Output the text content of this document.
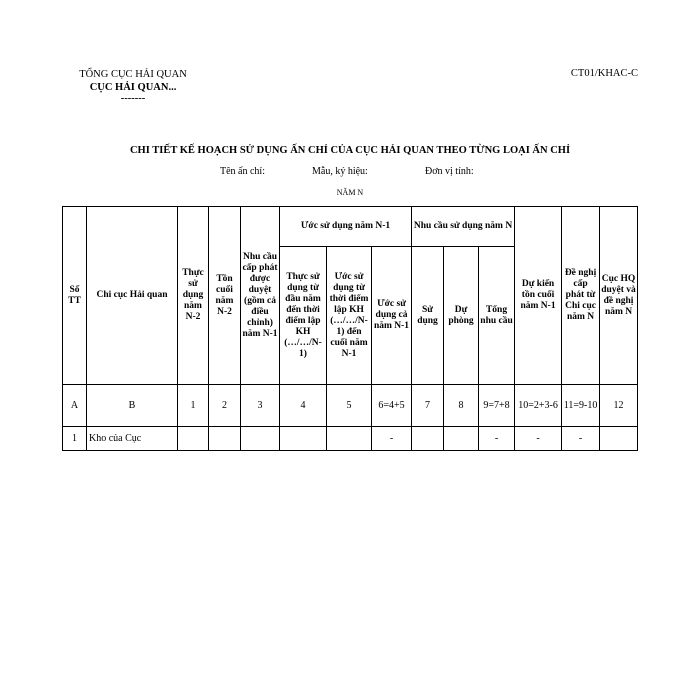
TỔNG CỤC HẢI QUAN
CỤC HẢI QUAN...
-------
CT01/KHAC-C
CHI TIẾT KẾ HOẠCH SỬ DỤNG ẤN CHỈ CỦA CỤC HẢI QUAN THEO TỪNG LOẠI ẤN CHỈ
Tên ấn chỉ:	Mẫu, ký hiệu:	Đơn vị tính:
NĂM N
Số TT	Chi cục Hải quan	Thực sử dụng năm N-2	Tồn cuối năm N-2	Nhu cầu cấp phát được duyệt (gồm cả điều chỉnh) năm N-1	Ước sử dụng năm N-1			Nhu cầu sử dụng năm N			Dự kiến tồn cuối năm N-1	Đề nghị cấp phát từ Chi cục năm N	Cục HQ duyệt và đề nghị năm N
					Thực sử dụng từ đầu năm đến thời điểm lập KH (…/…/N-1)	Ước sử dụng từ thời điểm lập KH (…/…/N-1) đến cuối năm N-1	Ước sử dụng cả năm N-1	Sử dụng	Dự phòng	Tổng nhu cầu			
A	B	1	2	3	4	5	6=4+5	7	8	9=7+8	10=2+3-6	11=9-10	12
1	Kho của Cục						-			-	-	-	
